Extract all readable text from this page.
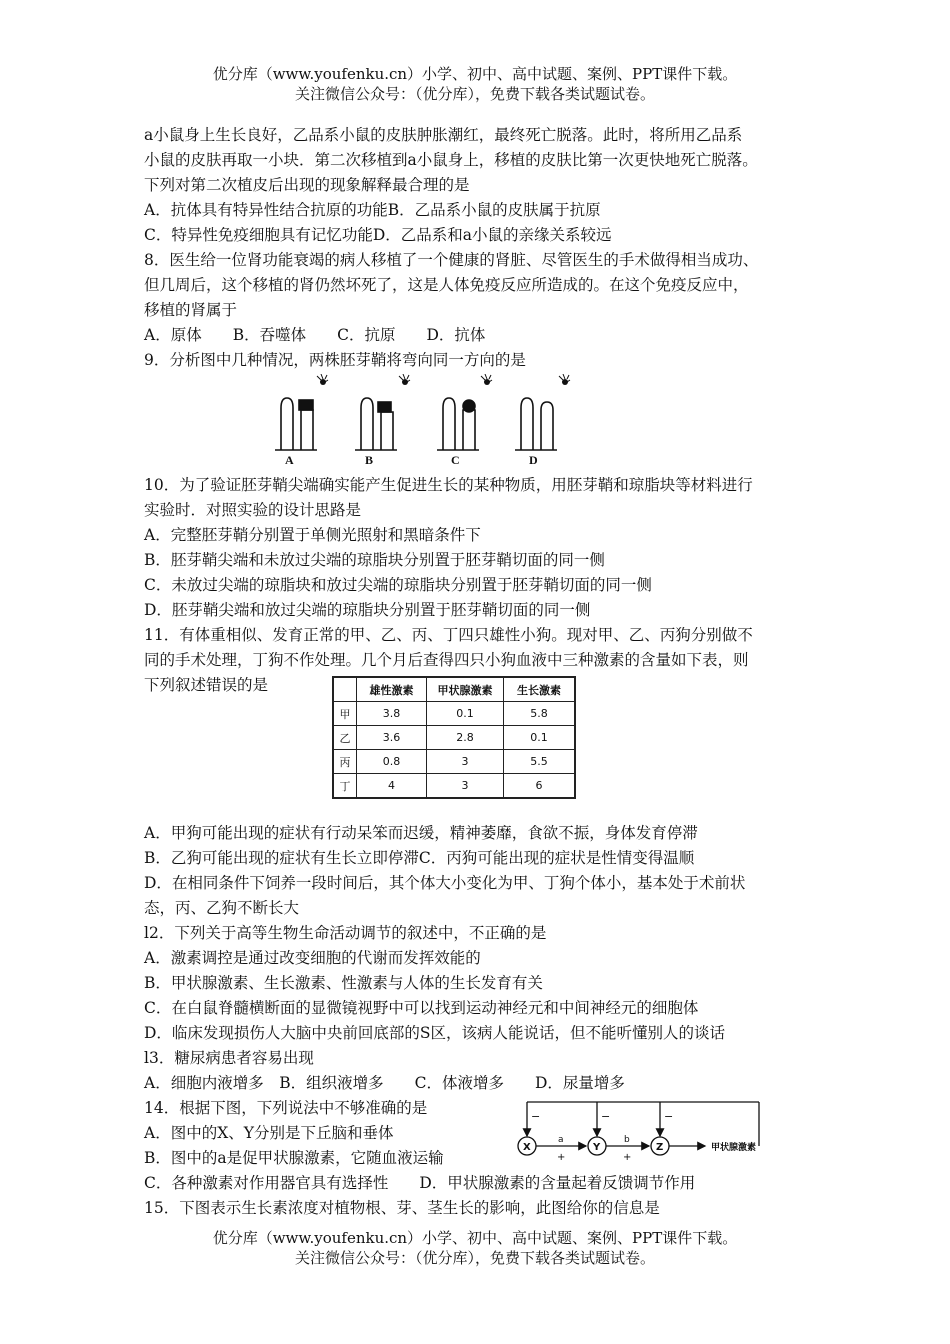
优分库（www.youfenku.cn）小学、初中、高中试题、案例、PPT课件下载。
关注微信公众号：（优分库），免费下载各类试题试卷。
a小鼠身上生长良好，乙品系小鼠的皮肤肿胀潮红，最终死亡脱落。此时，将所用乙品系
小鼠的皮肤再取一小块．第二次移植到a小鼠身上，移植的皮肤比第一次更快地死亡脱落。
下列对第二次植皮后出现的现象解释最合理的是
A．抗体具有特异性结合抗原的功能B．乙品系小鼠的皮肤属于抗原
C．特异性免疫细胞具有记忆功能D．乙品系和a小鼠的亲缘关系较远
8．医生给一位肾功能衰竭的病人移植了一个健康的肾脏、尽管医生的手术做得相当成功、
但几周后，这个移植的肾仍然坏死了，这是人体免疫反应所造成的。在这个免疫反应中，
移植的肾属于
A．原体　　B．吞噬体　　C．抗原　　D．抗体
9．分析图中几种情况，两株胚芽鞘将弯向同一方向的是
A	B	C	D
10．为了验证胚芽鞘尖端确实能产生促进生长的某种物质，用胚芽鞘和琼脂块等材料进行
实验时．对照实验的设计思路是
A．完整胚芽鞘分别置于单侧光照射和黑暗条件下
B．胚芽鞘尖端和未放过尖端的琼脂块分别置于胚芽鞘切面的同一侧
C．未放过尖端的琼脂块和放过尖端的琼脂块分别置于胚芽鞘切面的同一侧
D．胚芽鞘尖端和放过尖端的琼脂块分别置于胚芽鞘切面的同一侧
11．有体重相似、发育正常的甲、乙、丙、丁四只雄性小狗。现对甲、乙、丙狗分别做不
同的手术处理，丁狗不作处理。几个月后查得四只小狗血液中三种激素的含量如下表，则
下列叙述错误的是
		雄性激素	甲状腺激素	生长激素
甲	3.8	0.1	5.8
乙	3.6	2.8	0.1
丙	0.8	3	5.5
丁	4	3	6
A．甲狗可能出现的症状有行动呆笨而迟缓，精神萎靡，食欲不振，身体发育停滞
B．乙狗可能出现的症状有生长立即停滞C．丙狗可能出现的症状是性情变得温顺
D．在相同条件下饲养一段时间后，其个体大小变化为甲、丁狗个体小，基本处于术前状
态，丙、乙狗不断长大
l2．下列关于高等生物生命活动调节的叙述中，不正确的是
A．激素调控是通过改变细胞的代谢而发挥效能的
B．甲状腺激素、生长激素、性激素与人体的生长发育有关
C．在白鼠脊髓横断面的显微镜视野中可以找到运动神经元和中间神经元的细胞体
D．临床发现损伤人大脑中央前回底部的S区，该病人能说话，但不能听懂别人的谈话
l3．糖尿病患者容易出现
A．细胞内液增多　B．组织液增多　　C．体液增多　　D．尿量增多
14．根据下图，下列说法中不够准确的是
A．图中的X、Y分别是下丘脑和垂体
B．图中的a是促甲状腺激素，它随血液运输
X	Y	Z
a	b
+	+
−	−	−
甲状腺激素
C．各种激素对作用器官具有选择性　　D．甲状腺激素的含量起着反馈调节作用
15．下图表示生长素浓度对植物根、芽、茎生长的影响，此图给你的信息是
优分库（www.youfenku.cn）小学、初中、高中试题、案例、PPT课件下载。
关注微信公众号：（优分库），免费下载各类试题试卷。
